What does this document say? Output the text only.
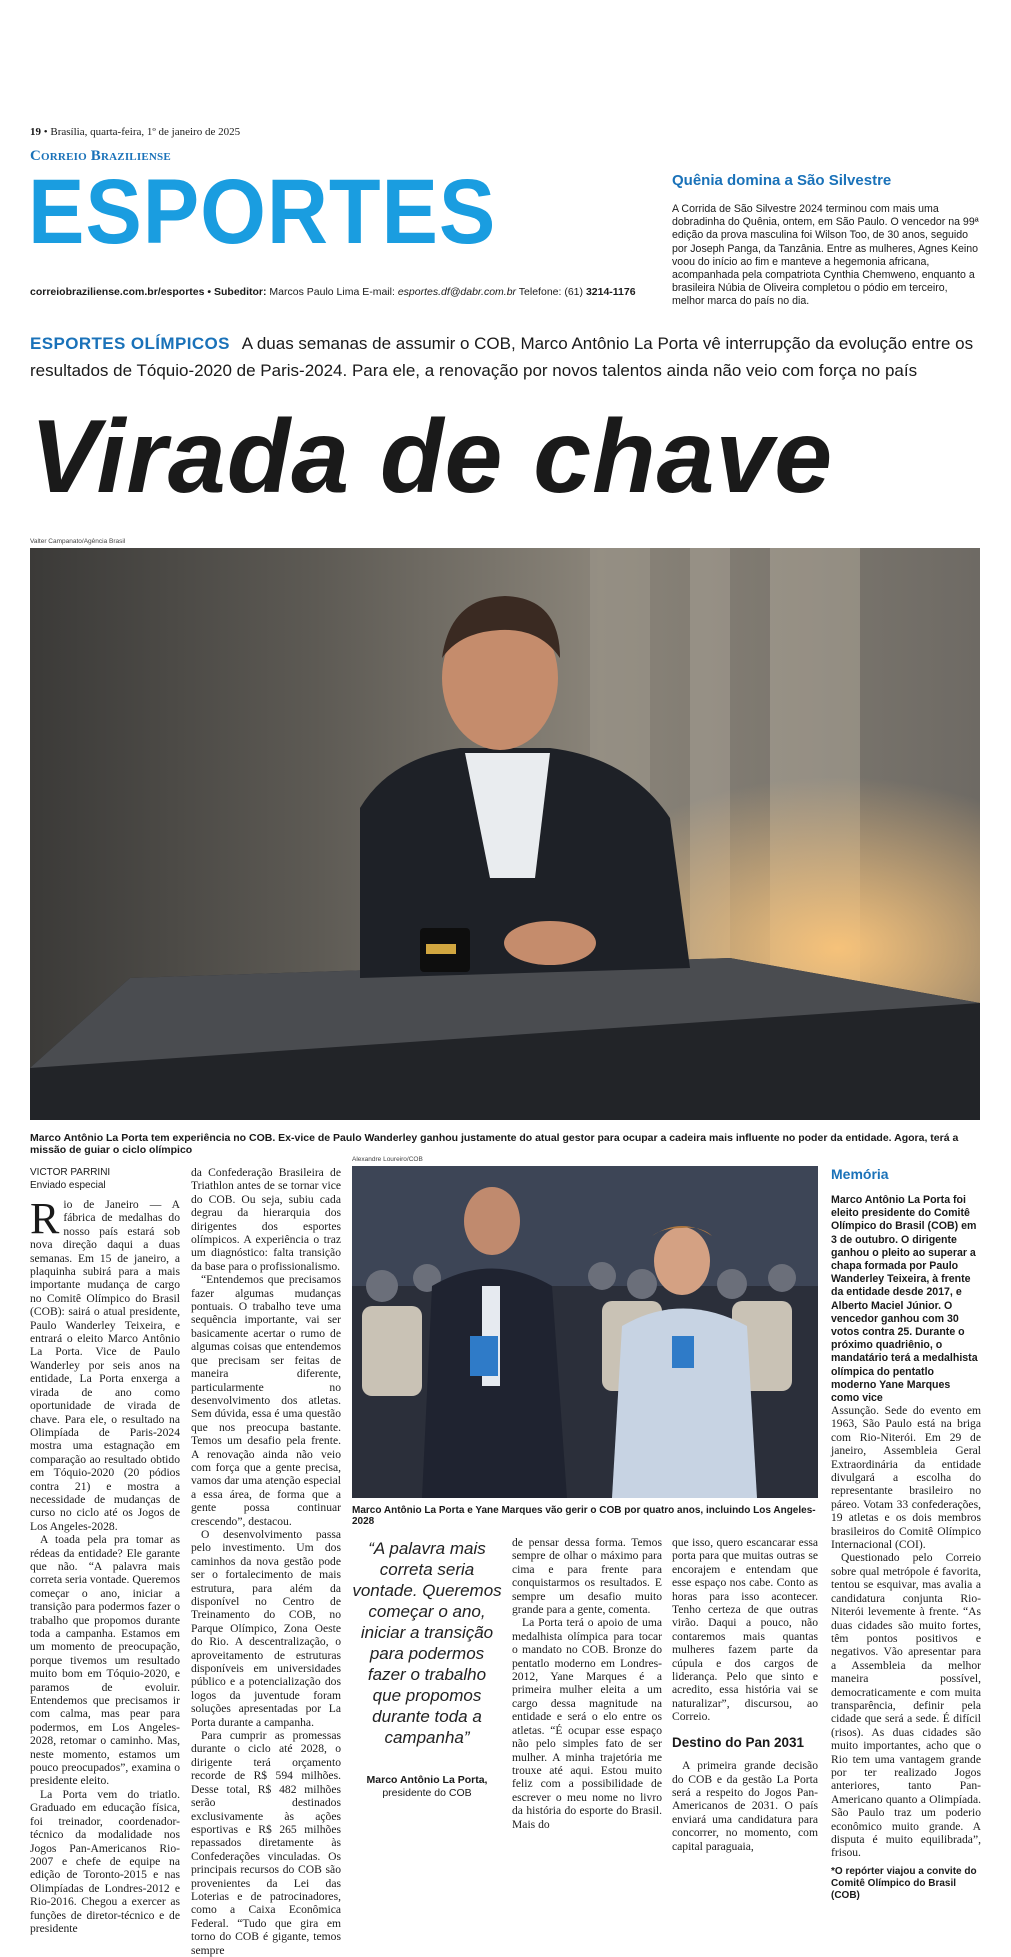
19 • Brasília, quarta-feira, 1º de janeiro de 2025
Correio Braziliense
ESPORTES
correiobraziliense.com.br/esportes • Subeditor: Marcos Paulo Lima E-mail: esportes.df@dabr.com.br Telefone: (61) 3214-1176
Quênia domina a São Silvestre
A Corrida de São Silvestre 2024 terminou com mais uma dobradinha do Quênia, ontem, em São Paulo. O vencedor na 99ª edição da prova masculina foi Wilson Too, de 30 anos, seguido por Joseph Panga, da Tanzânia. Entre as mulheres, Agnes Keino voou do início ao fim e manteve a hegemonia africana, acompanhada pela compatriota Cynthia Chemweno, enquanto a brasileira Núbia de Oliveira completou o pódio em terceiro, melhor marca do país no dia.
ESPORTES OLÍMPICOS A duas semanas de assumir o COB, Marco Antônio La Porta vê interrupção da evolução entre os resultados de Tóquio-2020 de Paris-2024. Para ele, a renovação por novos talentos ainda não veio com força no país
Virada de chave
Valter Campanato/Agência Brasil
Marco Antônio La Porta tem experiência no COB. Ex-vice de Paulo Wanderley ganhou justamente do atual gestor para ocupar a cadeira mais influente no poder da entidade. Agora, terá a missão de guiar o ciclo olímpico
VICTOR PARRINI
Enviado especial

Rio de Janeiro — A fábrica de medalhas do nosso país estará sob nova direção daqui a duas semanas. Em 15 de janeiro, a plaquinha subirá para a mais importante mudança de cargo no Comitê Olímpico do Brasil (COB): sairá o atual presidente, Paulo Wanderley Teixeira, e entrará o eleito Marco Antônio La Porta. Vice de Paulo Wanderley por seis anos na entidade, La Porta enxerga a virada de ano como oportunidade de virada de chave. Para ele, o resultado na Olimpíada de Paris-2024 mostra uma estagnação em comparação ao resultado obtido em Tóquio-2020 (20 pódios contra 21) e mostra a necessidade de mudanças de curso no ciclo até os Jogos de Los Angeles-2028.

A toada pela pra tomar as rédeas da entidade? Ele garante que não. “A palavra mais correta seria vontade. Queremos começar o ano, iniciar a transição para podermos fazer o trabalho que propomos durante toda a campanha. Estamos em um momento de preocupação, porque tivemos um resultado muito bom em Tóquio-2020, e paramos de evoluir. Entendemos que precisamos ir com calma, mas pear para podermos, em Los Angeles-2028, retomar o caminho. Mas, neste momento, estamos um pouco preocupados”, examina o presidente eleito.

La Porta vem do triatlo. Graduado em educação física, foi treinador, coordenador-técnico da modalidade nos Jogos Pan-Americanos Rio-2007 e chefe de equipe na edição de Toronto-2015 e nas Olimpíadas de Londres-2012 e Rio-2016. Chegou a exercer as funções de diretor-técnico e de presidente

da Confederação Brasileira de Triathlon antes de se tornar vice do COB. Ou seja, subiu cada degrau da hierarquia dos dirigentes dos esportes olímpicos. A experiência o traz um diagnóstico: falta transição da base para o profissionalismo.

“Entendemos que precisamos fazer algumas mudanças pontuais. O trabalho teve uma sequência importante, vai ser basicamente acertar o rumo de algumas coisas que entendemos que precisam ser feitas de maneira diferente, particularmente no desenvolvimento dos atletas. Sem dúvida, essa é uma questão que nos preocupa bastante. Temos um desafio pela frente. A renovação ainda não veio com força que a gente precisa, vamos dar uma atenção especial a essa área, de forma que a gente possa continuar crescendo”, destacou.

O desenvolvimento passa pelo investimento. Um dos caminhos da nova gestão pode ser o fortalecimento de mais estrutura, para além da disponível no Centro de Treinamento do COB, no Parque Olímpico, Zona Oeste do Rio. A descentralização, o aproveitamento de estruturas disponíveis em universidades público e a potencialização dos logos da juventude foram soluções apresentadas por La Porta durante a campanha.

Para cumprir as promessas durante o ciclo até 2028, o dirigente terá orçamento recorde de R$ 594 milhões. Desse total, R$ 482 milhões serão destinados exclusivamente às ações esportivas e R$ 265 milhões repassados diretamente às Confederações vinculadas. Os principais recursos do COB são provenientes da Lei das Loterias e de patrocinadores, como a Caixa Econômica Federal. “Tudo que gira em torno do COB é gigante, temos sempre

Alexandre Loureiro/COB
Marco Antônio La Porta e Yane Marques vão gerir o COB por quatro anos, incluindo Los Angeles-2028
“A palavra mais correta seria vontade. Queremos começar o ano, iniciar a transição para podermos fazer o trabalho que propomos durante toda a campanha”
Marco Antônio La Porta,
presidente do COB

de pensar dessa forma. Temos sempre de olhar o máximo para cima e para frente para conquistarmos os resultados. E sempre um desafio muito grande para a gente, comenta.

La Porta terá o apoio de uma medalhista olímpica para tocar o mandato no COB. Bronze do pentatlo moderno em Londres-2012, Yane Marques é a primeira mulher eleita a um cargo dessa magnitude na entidade e será o elo entre os atletas. “É ocupar esse espaço não pelo simples fato de ser mulher. A minha trajetória me trouxe até aqui. Estou muito feliz com a possibilidade de escrever o meu nome no livro da história do esporte do Brasil. Mais do

que isso, quero escancarar essa porta para que muitas outras se encorajem e entendam que esse espaço nos cabe. Conto as horas para isso acontecer. Tenho certeza de que outras virão. Daqui a pouco, não contaremos mais quantas mulheres fazem parte da cúpula e dos cargos de liderança. Pelo que sinto e acredito, essa história vai se naturalizar”, discursou, ao Correio.

Destino do Pan 2031

A primeira grande decisão do COB e da gestão La Porta será a respeito do Jogos Pan-Americanos de 2031. O país enviará uma candidatura para concorrer, no momento, com capital paraguaia,

Memória
Marco Antônio La Porta foi eleito presidente do Comitê Olímpico do Brasil (COB) em 3 de outubro. O dirigente ganhou o pleito ao superar a chapa formada por Paulo Wanderley Teixeira, à frente da entidade desde 2017, e Alberto Maciel Júnior. O vencedor ganhou com 30 votos contra 25. Durante o próximo quadriênio, o mandatário terá a medalhista olímpica do pentatlo moderno Yane Marques como vice

Assunção. Sede do evento em 1963, São Paulo está na briga com Rio-Niterói. Em 29 de janeiro, Assembleia Geral Extraordinária da entidade divulgará a escolha do representante brasileiro no páreo. Votam 33 confederações, 19 atletas e os dois membros brasileiros do Comitê Olímpico Internacional (COI).

Questionado pelo Correio sobre qual metrópole é favorita, tentou se esquivar, mas avalia a candidatura conjunta Rio-Niterói levemente à frente. “As duas cidades são muito fortes, têm pontos positivos e negativos. Vão apresentar para a Assembleia da melhor maneira possível, democraticamente e com muita transparência, definir pela cidade que será a sede. É difícil (risos). As duas cidades são muito importantes, acho que o Rio tem uma vantagem grande por ter realizado Jogos anteriores, tanto Pan-Americano quanto a Olimpíada. São Paulo traz um poderio econômico muito grande. A disputa é muito equilibrada”, frisou.

*O repórter viajou a convite do Comitê Olímpico do Brasil (COB)
